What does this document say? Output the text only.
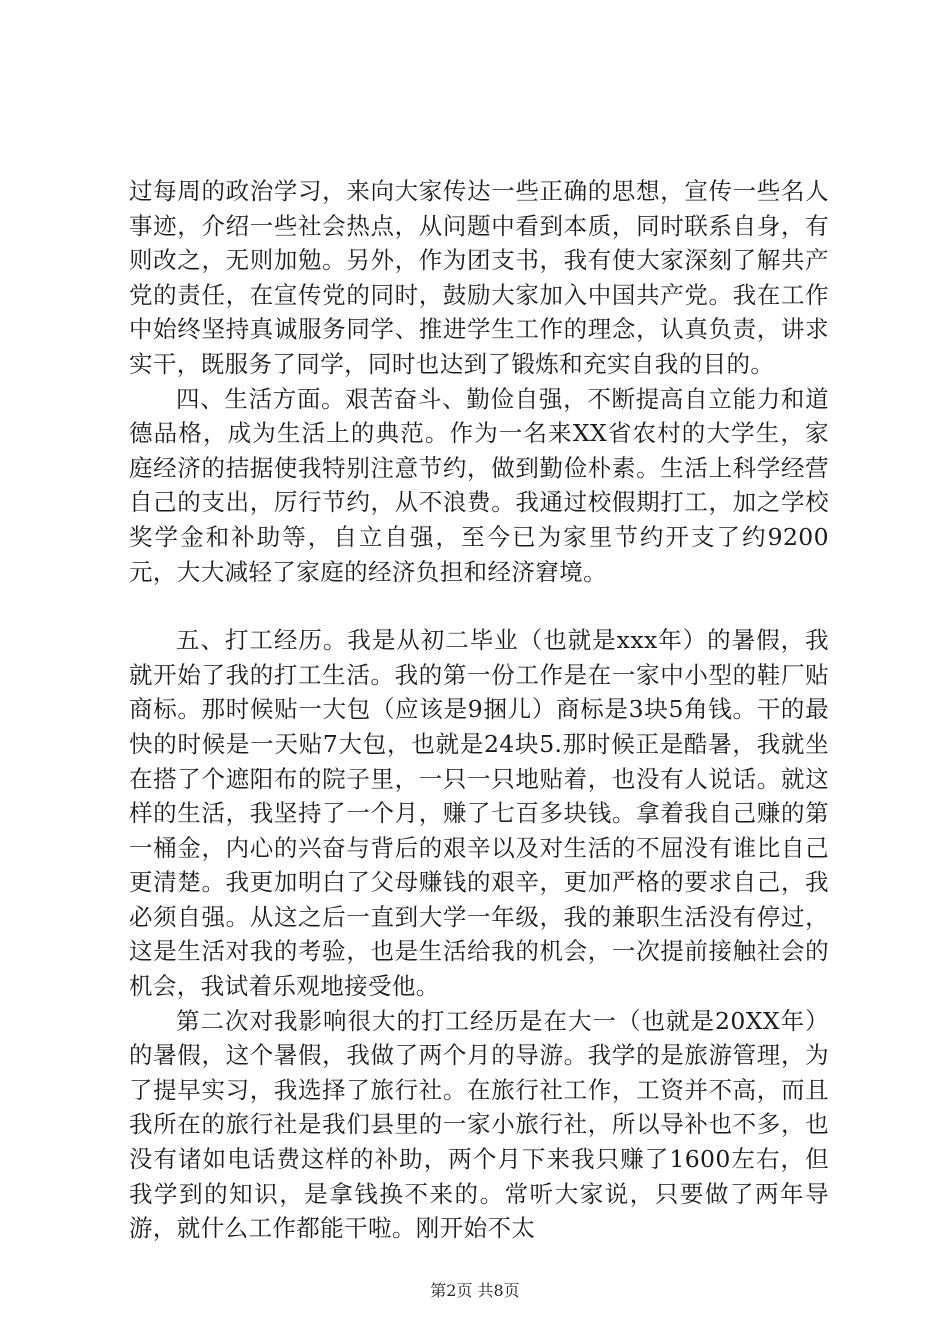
过每周的政治学习，来向大家传达一些正确的思想，宣传一些名人事迹，介绍一些社会热点，从问题中看到本质，同时联系自身，有则改之，无则加勉。另外，作为团支书，我有使大家深刻了解共产党的责任，在宣传党的同时，鼓励大家加入中国共产党。我在工作中始终坚持真诚服务同学、推进学生工作的理念，认真负责，讲求实干，既服务了同学，同时也达到了锻炼和充实自我的目的。

四、生活方面。艰苦奋斗、勤俭自强，不断提高自立能力和道德品格，成为生活上的典范。作为一名来XX省农村的大学生，家庭经济的拮据使我特别注意节约，做到勤俭朴素。生活上科学经营自己的支出，厉行节约，从不浪费。我通过校假期打工，加之学校奖学金和补助等，自立自强，至今已为家里节约开支了约9200元，大大减轻了家庭的经济负担和经济窘境。

五、打工经历。我是从初二毕业（也就是xxx年）的暑假，我就开始了我的打工生活。我的第一份工作是在一家中小型的鞋厂贴商标。那时候贴一大包（应该是9捆儿）商标是3块5角钱。干的最快的时候是一天贴7大包，也就是24块5.那时候正是酷暑，我就坐在搭了个遮阳布的院子里，一只一只地贴着，也没有人说话。就这样的生活，我坚持了一个月，赚了七百多块钱。拿着我自己赚的第一桶金，内心的兴奋与背后的艰辛以及对生活的不屈没有谁比自己更清楚。我更加明白了父母赚钱的艰辛，更加严格的要求自己，我必须自强。从这之后一直到大学一年级，我的兼职生活没有停过，这是生活对我的考验，也是生活给我的机会，一次提前接触社会的机会，我试着乐观地接受他。

第二次对我影响很大的打工经历是在大一（也就是20XX年）的暑假，这个暑假，我做了两个月的导游。我学的是旅游管理，为了提早实习，我选择了旅行社。在旅行社工作，工资并不高，而且我所在的旅行社是我们县里的一家小旅行社，所以导补也不多，也没有诸如电话费这样的补助，两个月下来我只赚了1600左右，但我学到的知识，是拿钱换不来的。常听大家说，只要做了两年导游，就什么工作都能干啦。刚开始不太

第2页 共8页
